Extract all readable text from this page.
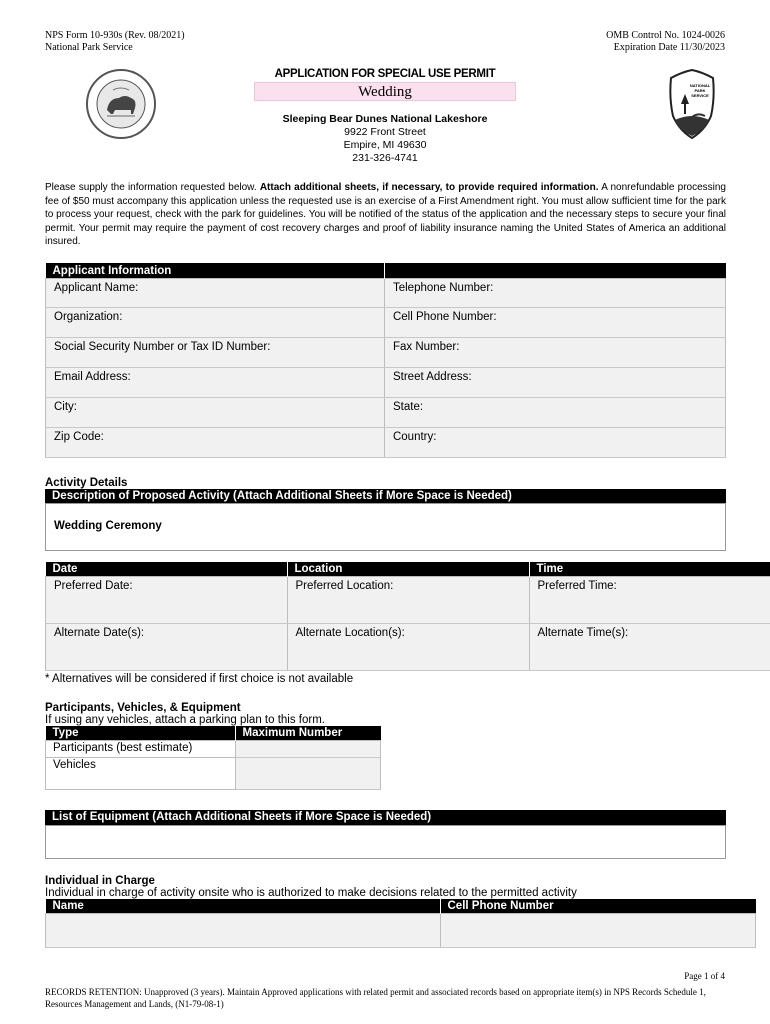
NPS Form 10-930s (Rev. 08/2021)
National Park Service
OMB Control No. 1024-0026
Expiration Date 11/30/2023
NATIONAL
PARK
SERVICE
APPLICATION FOR SPECIAL USE PERMIT
Wedding
Sleeping Bear Dunes National Lakeshore
9922 Front Street
Empire, MI 49630
231-326-4741
Please supply the information requested below. Attach additional sheets, if necessary, to provide required information. A nonrefundable processing fee of $50 must accompany this application unless the requested use is an exercise of a First Amendment right. You must allow sufficient time for the park to process your request, check with the park for guidelines. You will be notified of the status of the application and the necessary steps to secure your final permit. Your permit may require the payment of cost recovery charges and proof of liability insurance naming the United States of America an additional insured.
Applicant Information	
Applicant Name:	Telephone Number:
Organization:	Cell Phone Number:
Social Security Number or Tax ID Number:	Fax Number:
Email Address:	Street Address:
City:	State:
Zip Code:	Country:
Activity Details
Description of Proposed Activity (Attach Additional Sheets if More Space is Needed)
Wedding Ceremony
Date	Location	Time
Preferred Date:	Preferred Location:	Preferred Time:
Alternate Date(s):	Alternate Location(s):	Alternate Time(s):
* Alternatives will be considered if first choice is not available
Participants, Vehicles, & Equipment
If using any vehicles, attach a parking plan to this form.
Type	Maximum Number
Participants (best estimate)	
Vehicles	
List of Equipment (Attach Additional Sheets if More Space is Needed)
Individual in Charge
Individual in charge of activity onsite who is authorized to make decisions related to the permitted activity
Name	Cell Phone Number

Page 1 of 4
RECORDS RETENTION: Unapproved (3 years). Maintain Approved applications with related permit and associated records based on appropriate item(s) in NPS Records Schedule 1, Resources Management and Lands, (N1-79-08-1)
